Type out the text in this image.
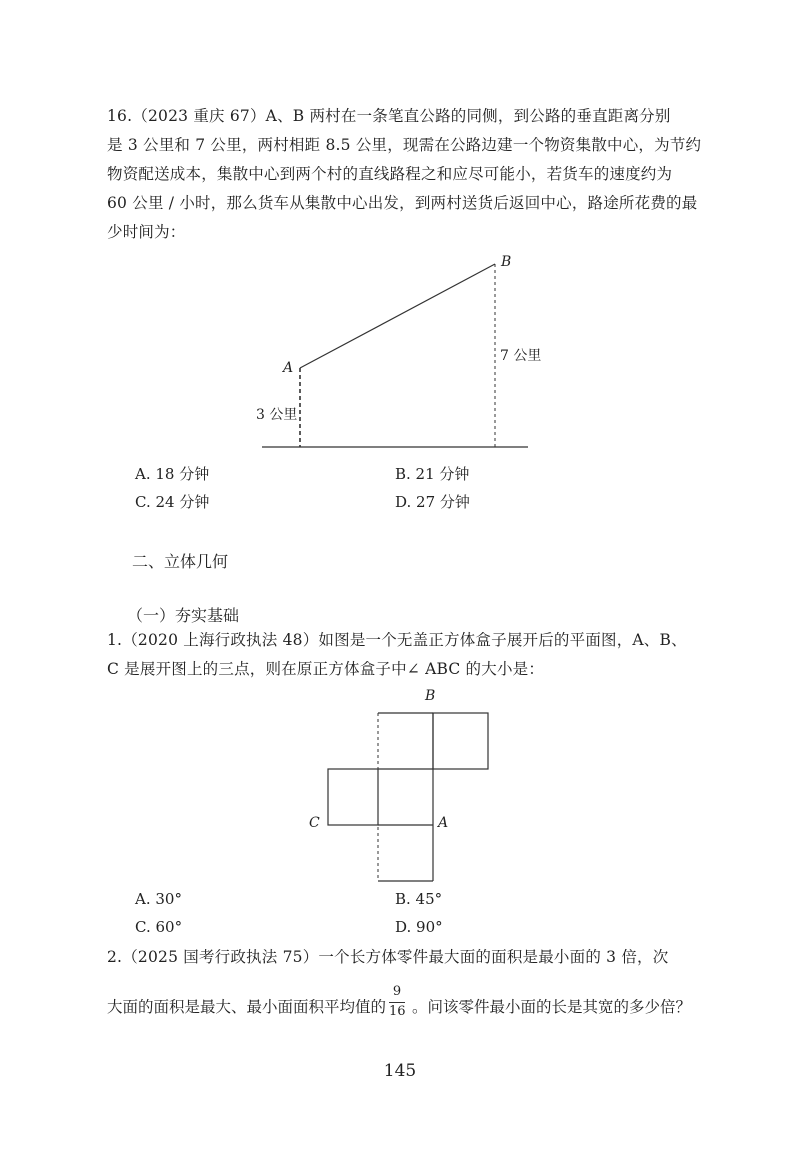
16.（2023 重庆 67）A、B 两村在一条笔直公路的同侧，到公路的垂直距离分别
是 3 公里和 7 公里，两村相距 8.5 公里，现需在公路边建一个物资集散中心，为节约
物资配送成本，集散中心到两个村的直线路程之和应尽可能小，若货车的速度约为
60 公里 / 小时，那么货车从集散中心出发，到两村送货后返回中心，路途所花费的最
少时间为：
A
B
3 公里
7 公里
A. 18 分钟	B. 21 分钟
C. 24 分钟	D. 27 分钟
二、立体几何
（一）夯实基础
1.（2020 上海行政执法 48）如图是一个无盖正方体盒子展开后的平面图，A、B、
C 是展开图上的三点，则在原正方体盒子中∠ ABC 的大小是：
B
A
C
A. 30°	B. 45°
C. 60°	D. 90°
2.（2025 国考行政执法 75）一个长方体零件最大面的面积是最小面的 3 倍，次
大面的面积是最大、最小面面积平均值的 。问该零件最小面的长是其宽的多少倍？
9
16
145
